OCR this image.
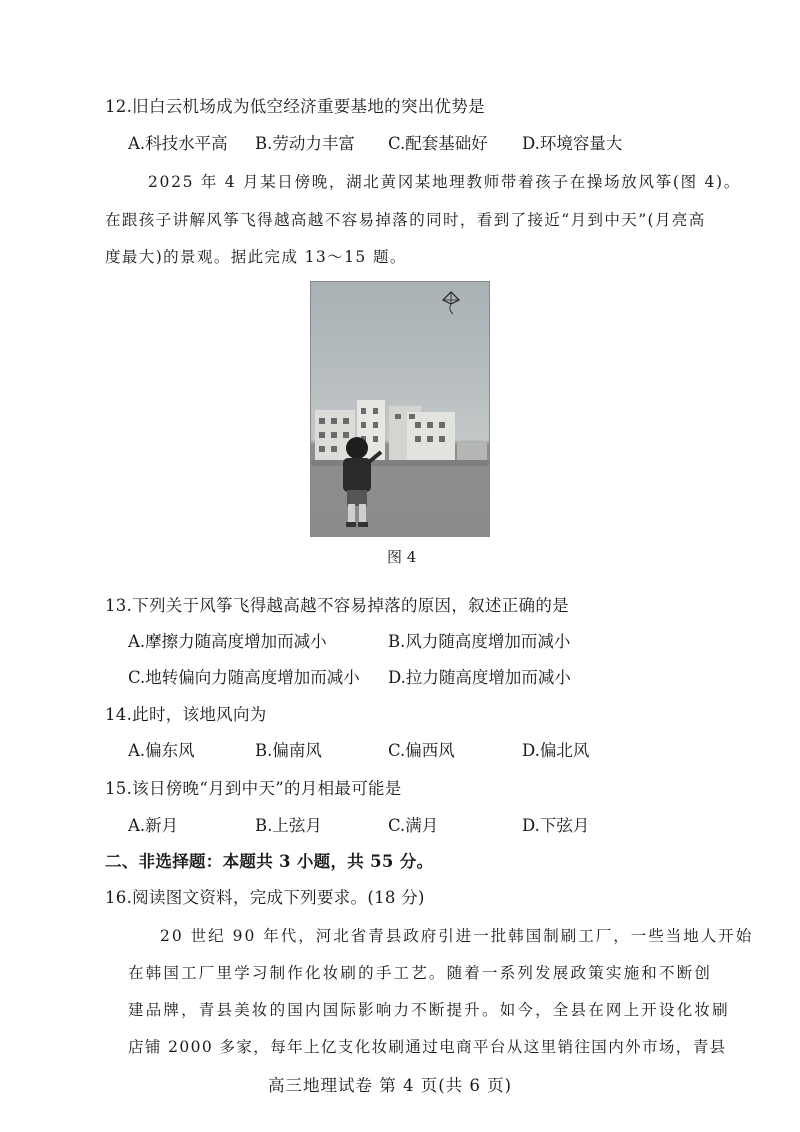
12.旧白云机场成为低空经济重要基地的突出优势是
A.科技水平高 B.劳动力丰富 C.配套基础好 D.环境容量大
2025 年 4 月某日傍晚，湖北黄冈某地理教师带着孩子在操场放风筝(图 4)。
在跟孩子讲解风筝飞得越高越不容易掉落的同时，看到了接近“月到中天”(月亮高
度最大)的景观。据此完成 13～15 题。
图 4
13.下列关于风筝飞得越高越不容易掉落的原因，叙述正确的是
A.摩擦力随高度增加而减小	B.风力随高度增加而减小
C.地转偏向力随高度增加而减小 D.拉力随高度增加而减小
14.此时，该地风向为
A.偏东风	B.偏南风	C.偏西风	D.偏北风
15.该日傍晚“月到中天”的月相最可能是
A.新月	B.上弦月	C.满月	D.下弦月
二、非选择题：本题共 3 小题，共 55 分。
16.阅读图文资料，完成下列要求。(18 分)
20 世纪 90 年代，河北省青县政府引进一批韩国制刷工厂，一些当地人开始
在韩国工厂里学习制作化妆刷的手工艺。随着一系列发展政策实施和不断创
建品牌，青县美妆的国内国际影响力不断提升。如今，全县在网上开设化妆刷
店铺 2000 多家，每年上亿支化妆刷通过电商平台从这里销往国内外市场，青县
高三地理试卷 第 4 页(共 6 页)
